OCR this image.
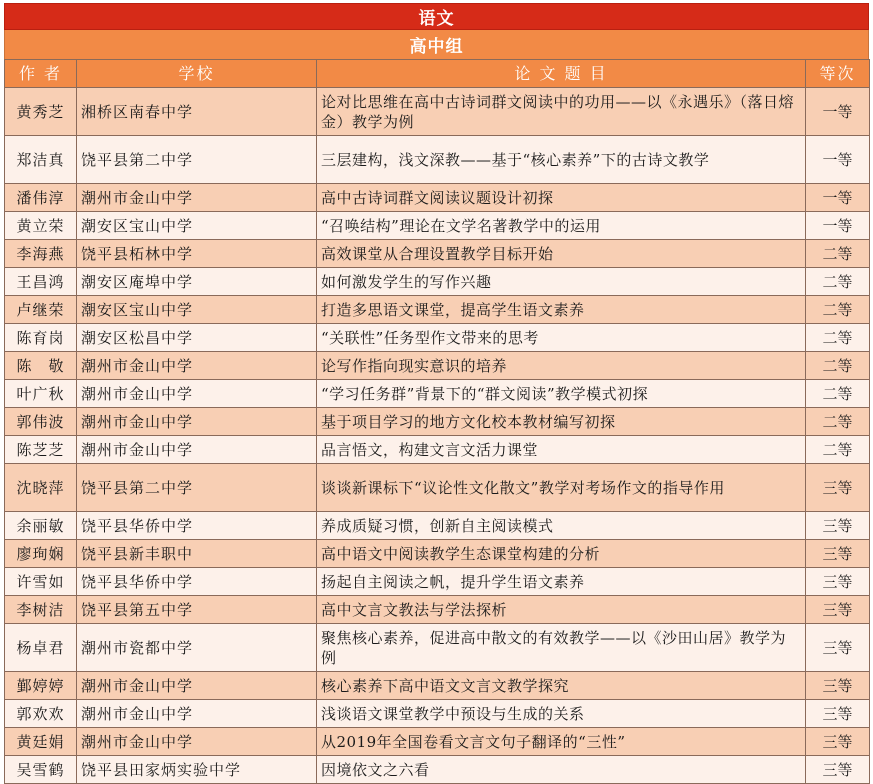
语文
高中组
作 者	学校	论 文 题 目	等次
黄秀芝	湘桥区南春中学	论对比思维在高中古诗词群文阅读中的功用——以《永遇乐》（落日熔金）教学为例	一等
郑洁真	饶平县第二中学	三层建构，浅文深教——基于“核心素养”下的古诗文教学	一等
潘伟淳	潮州市金山中学	高中古诗词群文阅读议题设计初探	一等
黄立荣	潮安区宝山中学	“召唤结构”理论在文学名著教学中的运用	一等
李海燕	饶平县柘林中学	高效课堂从合理设置教学目标开始	二等
王昌鸿	潮安区庵埠中学	如何激发学生的写作兴趣	二等
卢继荣	潮安区宝山中学	打造多思语文课堂，提高学生语文素养	二等
陈育岗	潮安区松昌中学	“关联性”任务型作文带来的思考	二等
陈　敬	潮州市金山中学	论写作指向现实意识的培养	二等
叶广秋	潮州市金山中学	“学习任务群”背景下的“群文阅读”教学模式初探	二等
郭伟波	潮州市金山中学	基于项目学习的地方文化校本教材编写初探	二等
陈芝芝	潮州市金山中学	品言悟文，构建文言文活力课堂	二等
沈晓萍	饶平县第二中学	谈谈新课标下“议论性文化散文”教学对考场作文的指导作用	三等
余丽敏	饶平县华侨中学	养成质疑习惯，创新自主阅读模式	三等
廖珣娴	饶平县新丰职中	高中语文中阅读教学生态课堂构建的分析	三等
许雪如	饶平县华侨中学	扬起自主阅读之帆，提升学生语文素养	三等
李树洁	饶平县第五中学	高中文言文教法与学法探析	三等
杨卓君	潮州市瓷都中学	聚焦核心素养，促进高中散文的有效教学——以《沙田山居》教学为例	三等
鄞婷婷	潮州市金山中学	核心素养下高中语文文言文教学探究	三等
郭欢欢	潮州市金山中学	浅谈语文课堂教学中预设与生成的关系	三等
黄廷娟	潮州市金山中学	从2019年全国卷看文言文句子翻译的“三性”	三等
吴雪鹤	饶平县田家炳实验中学	因境依文之六看	三等
